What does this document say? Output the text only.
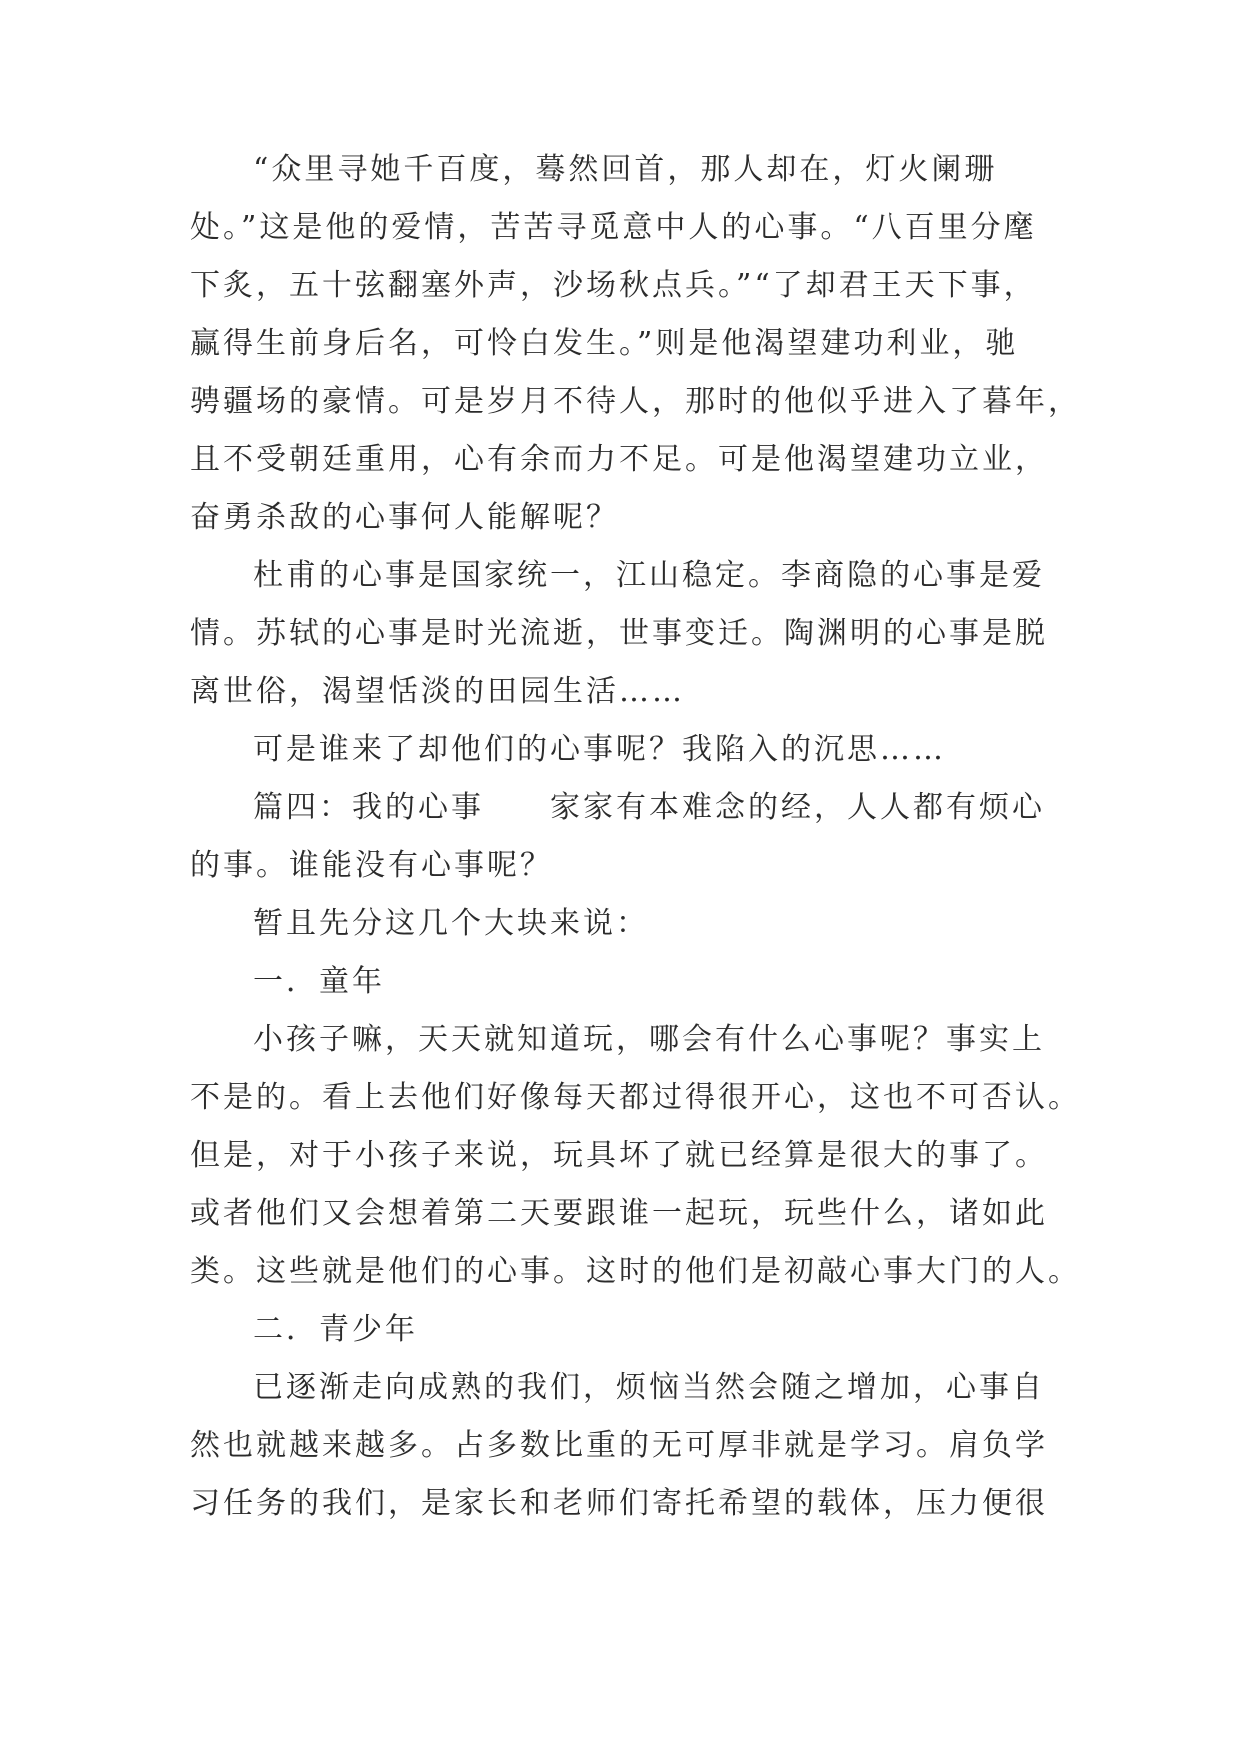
“众里寻她千百度，蓦然回首，那人却在，灯火阑珊
处。”这是他的爱情，苦苦寻觅意中人的心事。“八百里分麾
下炙，五十弦翻塞外声，沙场秋点兵。”“了却君王天下事，
赢得生前身后名，可怜白发生。”则是他渴望建功利业，驰
骋疆场的豪情。可是岁月不待人，那时的他似乎进入了暮年，
且不受朝廷重用，心有余而力不足。可是他渴望建功立业，
奋勇杀敌的心事何人能解呢？
杜甫的心事是国家统一，江山稳定。李商隐的心事是爱
情。苏轼的心事是时光流逝，世事变迁。陶渊明的心事是脱
离世俗，渴望恬淡的田园生活……
可是谁来了却他们的心事呢？我陷入的沉思……
篇四：我的心事　　家家有本难念的经，人人都有烦心
的事。谁能没有心事呢？
暂且先分这几个大块来说：
一．童年
小孩子嘛，天天就知道玩，哪会有什么心事呢？事实上
不是的。看上去他们好像每天都过得很开心，这也不可否认。
但是，对于小孩子来说，玩具坏了就已经算是很大的事了。
或者他们又会想着第二天要跟谁一起玩，玩些什么，诸如此
类。这些就是他们的心事。这时的他们是初敲心事大门的人。
二．青少年
已逐渐走向成熟的我们，烦恼当然会随之增加，心事自
然也就越来越多。占多数比重的无可厚非就是学习。肩负学
习任务的我们，是家长和老师们寄托希望的载体，压力便很
